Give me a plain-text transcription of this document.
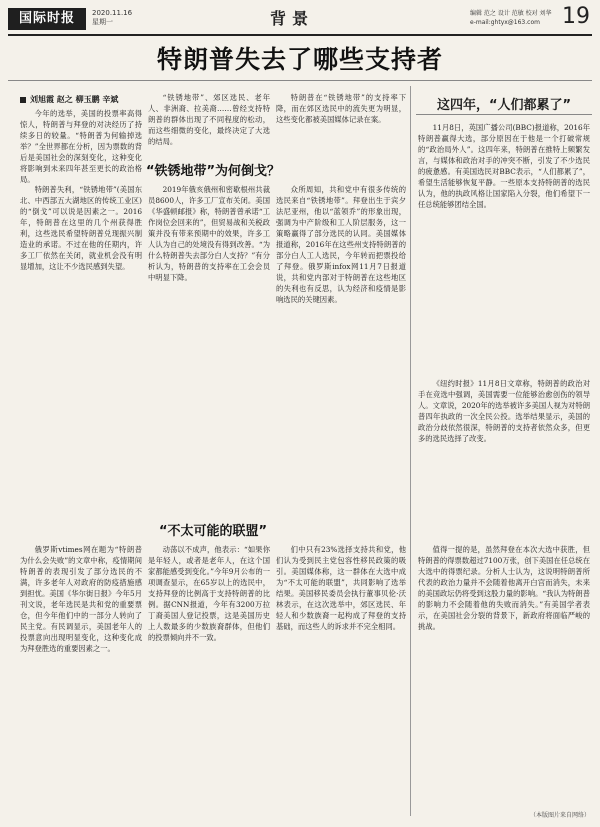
国际时报	2020.11.16
星期一	背景	编辑 范之 设计 范敏 校对 刘华
e-mail:ghtyx@163.com	19
特朗普失去了哪些支持者
刘旭霞 赵之 柳玉鹏 辛斌

今年的选举，美国的投票率高得惊人，特朗普与拜登的对决经历了持续多日的较量。“特朗普为何输掉选举？”全世界都在分析，因为票数的背后是美国社会的深刻变化，这种变化将影响到未来四年甚至更长的政治格局。

“铁锈地带”、郊区选民、老年人、非洲裔、拉美裔……曾经支持特朗普的群体出现了不同程度的松动，而这些细微的变化，最终决定了大选的结局。

特朗普在“铁锈地带”的支持率下降，而在郊区选民中的流失更为明显，这些变化都被美国媒体记录在案。

“铁锈地带”为何倒戈？

特朗普失利，“铁锈地带”(美国东北、中西部五大湖地区的传统工业区)的“倒戈”可以说是因素之一。2016年，特朗普在这里的几个州获得胜利，这些选民希望特朗普兑现振兴制造业的承诺。不过在他的任期内，许多工厂依然在关闭，就业机会没有明显增加，这让不少选民感到失望。

2019年俄亥俄州和密歇根州共裁员8600人，许多工厂宣布关闭。美国《华盛顿邮报》称，特朗普曾承诺“工作岗位会回来的”，但贸易战和关税政策并没有带来预期中的效果，许多工人认为自己的处境没有得到改善。“为什么特朗普失去部分白人支持？”有分析认为，特朗普的支持率在工会会员中明显下降。

众所周知，共和党中有很多传统的选民来自“铁锈地带”。拜登出生于宾夕法尼亚州，他以“蓝领乔”的形象出现，强调为中产阶级和工人阶层服务，这一策略赢得了部分选民的认同。美国媒体报道称，2016年在这些州支持特朗普的部分白人工人选民，今年转而把票投给了拜登。俄罗斯infox网11月7日报道说，共和党内部对于特朗普在这些地区的失利也有反思，认为经济和疫情是影响选民的关键因素。

“不太可能的联盟”

俄罗斯vtimes网在题为“特朗普为什么会失败”的文章中称，疫情期间特朗普的表现引发了部分选民的不满，许多老年人对政府的防疫措施感到担忧。美国《华尔街日报》今年5月刊文说，老年选民是共和党的重要票仓，但今年他们中的一部分人转向了民主党。有民调显示，美国老年人的投票意向出现明显变化，这种变化成为拜登胜选的重要因素之一。

动荡以不成声，他表示：“如果你是年轻人，或者是老年人，在这个国家都能感受到变化。”今年9月公布的一项调查显示，在65岁以上的选民中，支持拜登的比例高于支持特朗普的比例。据CNN报道，今年有3200万拉丁裔美国人登记投票，这是美国历史上人数最多的少数族裔群体，但他们的投票倾向并不一致。

们中只有23%选择支持共和党，他们认为受到民主党包容性移民政策的吸引。美国媒体称，这一群体在大选中成为“不太可能的联盟”，共同影响了选举结果。美国移民委员会执行董事贝伦·沃林表示，在这次选举中，郊区选民、年轻人和少数族裔一起构成了拜登的支持基础，而这些人的诉求并不完全相同。

这四年，“人们都累了”

11月8日，英国广播公司(BBC)报道称，2016年特朗普赢得大选，部分原因在于他是一个打破常规的“政治局外人”。这四年来，特朗普在推特上频繁发言，与媒体和政治对手的冲突不断，引发了不少选民的疲惫感。有美国选民对BBC表示，“人们都累了”，希望生活能够恢复平静。一些原本支持特朗普的选民认为，他的执政风格让国家陷入分裂，他们希望下一任总统能够团结全国。

《纽约时报》11月8日文章称，特朗普的政治对手在竞选中强调，美国需要一位能够治愈创伤的领导人。文章说，2020年的选举被许多美国人视为对特朗普四年执政的一次全民公投。选举结果显示，美国的政治分歧依然很深，特朗普的支持者依然众多，但更多的选民选择了改变。

值得一提的是，虽然拜登在本次大选中获胜，但特朗普的得票数超过7100万张，创下美国在任总统在大选中的得票纪录。分析人士认为，这说明特朗普所代表的政治力量并不会随着他离开白宫而消失，未来的美国政坛仍将受到这股力量的影响。“我认为特朗普的影响力不会随着他的失败而消失。”有美国学者表示，在美国社会分裂的背景下，新政府将面临严峻的挑战。

（本版图片来自网络）
